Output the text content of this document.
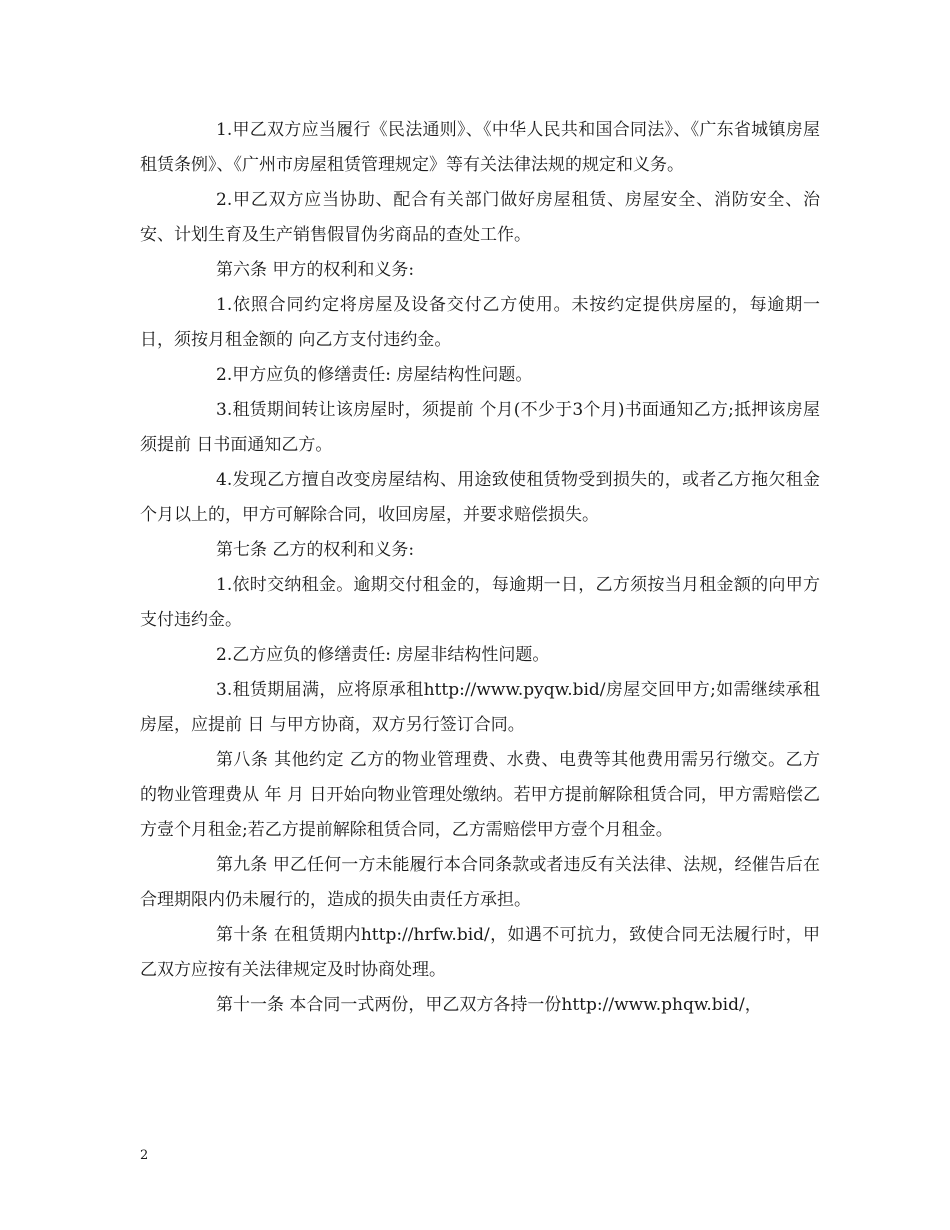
1.甲乙双方应当履行《民法通则》、《中华人民共和国合同法》、《广东省城镇房屋租赁条例》、《广州市房屋租赁管理规定》等有关法律法规的规定和义务。

2.甲乙双方应当协助、配合有关部门做好房屋租赁、房屋安全、消防安全、治安、计划生育及生产销售假冒伪劣商品的查处工作。

第六条 甲方的权利和义务:

1.依照合同约定将房屋及设备交付乙方使用。未按约定提供房屋的，每逾期一日，须按月租金额的 向乙方支付违约金。

2.甲方应负的修缮责任: 房屋结构性问题。

3.租赁期间转让该房屋时，须提前 个月(不少于3个月)书面通知乙方;抵押该房屋须提前 日书面通知乙方。

4.发现乙方擅自改变房屋结构、用途致使租赁物受到损失的，或者乙方拖欠租金 个月以上的，甲方可解除合同，收回房屋，并要求赔偿损失。

第七条 乙方的权利和义务:

1.依时交纳租金。逾期交付租金的，每逾期一日，乙方须按当月租金额的向甲方支付违约金。

2.乙方应负的修缮责任: 房屋非结构性问题。

3.租赁期届满，应将原承租http://www.pyqw.bid/房屋交回甲方;如需继续承租房屋，应提前 日 与甲方协商，双方另行签订合同。

第八条 其他约定 乙方的物业管理费、水费、电费等其他费用需另行缴交。乙方的物业管理费从 年 月 日开始向物业管理处缴纳。若甲方提前解除租赁合同，甲方需赔偿乙方壹个月租金;若乙方提前解除租赁合同，乙方需赔偿甲方壹个月租金。

第九条 甲乙任何一方未能履行本合同条款或者违反有关法律、法规，经催告后在合理期限内仍未履行的，造成的损失由责任方承担。

第十条 在租赁期内http://hrfw.bid/，如遇不可抗力，致使合同无法履行时，甲乙双方应按有关法律规定及时协商处理。

第十一条 本合同一式两份，甲乙双方各持一份http://www.phqw.bid/，

2
